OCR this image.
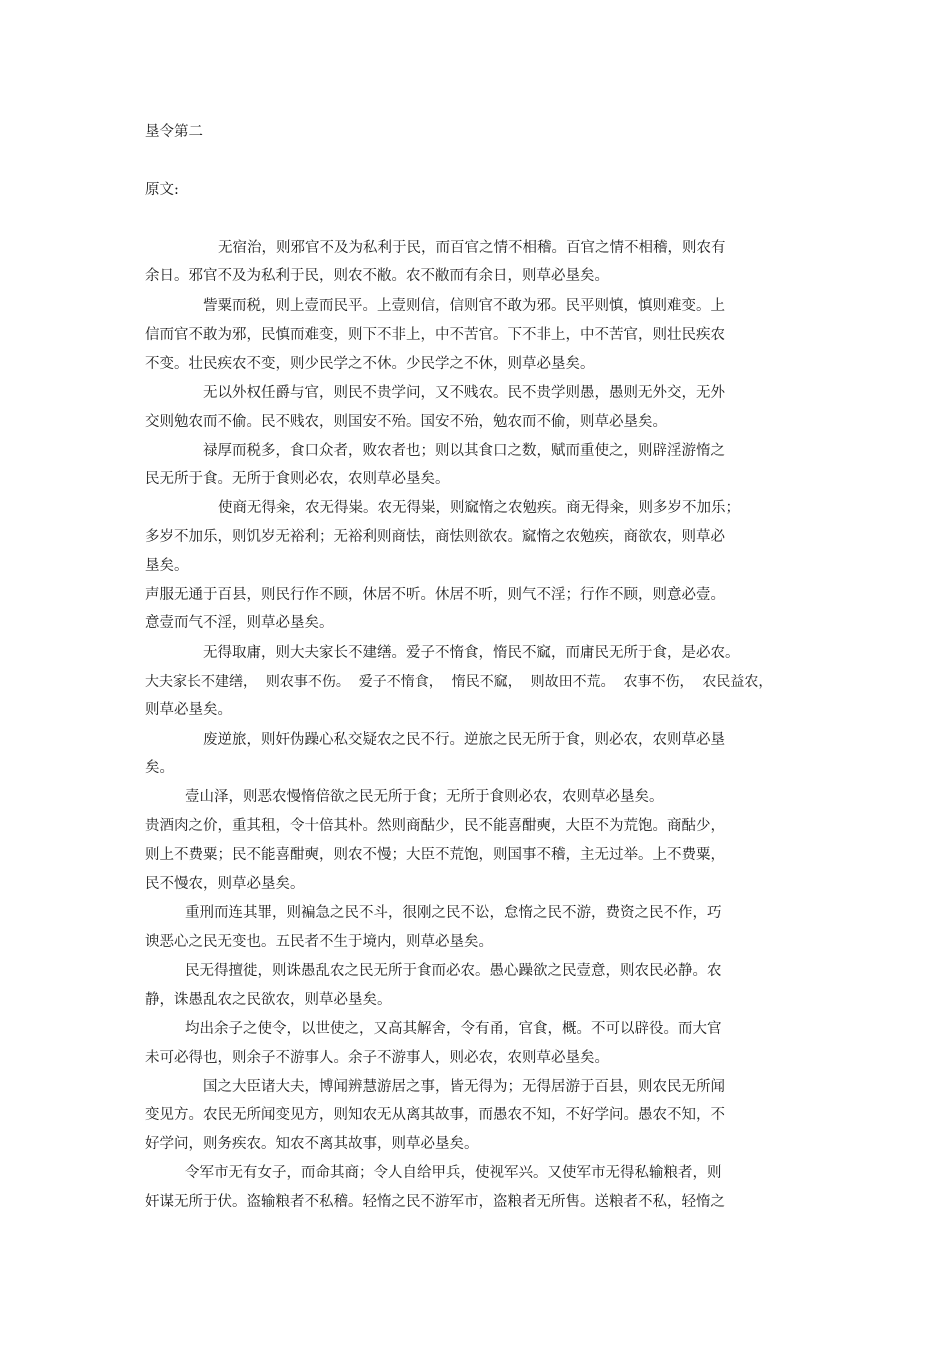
垦令第二
原文:
无宿治，则邪官不及为私利于民，而百官之情不相稽。百官之情不相稽，则农有
余日。邪官不及为私利于民，则农不敝。农不敝而有余日，则草必垦矣。
訾粟而税，则上壹而民平。上壹则信，信则官不敢为邪。民平则慎，慎则难变。上
信而官不敢为邪，民慎而难变，则下不非上，中不苦官。下不非上，中不苦官，则壮民疾农
不变。壮民疾农不变，则少民学之不休。少民学之不休，则草必垦矣。
无以外权任爵与官，则民不贵学问，又不贱农。民不贵学则愚，愚则无外交，无外
交则勉农而不偷。民不贱农，则国安不殆。国安不殆，勉农而不偷，则草必垦矣。
禄厚而税多，食口众者，败农者也；则以其食口之数，赋而重使之，则辟淫游惰之
民无所于食。无所于食则必农，农则草必垦矣。
使商无得籴，农无得粜。农无得粜，则窳惰之农勉疾。商无得籴，则多岁不加乐；
多岁不加乐，则饥岁无裕利；无裕利则商怯，商怯则欲农。窳惰之农勉疾，商欲农，则草必
垦矣。
声服无通于百县，则民行作不顾，休居不听。休居不听，则气不淫；行作不顾，则意必壹。
意壹而气不淫，则草必垦矣。
无得取庸，则大夫家长不建缮。爱子不惰食，惰民不窳，而庸民无所于食，是必农。
大夫家长不建缮，  则农事不伤。  爱子不惰食，  惰民不窳，  则故田不荒。  农事不伤，  农民益农，
则草必垦矣。
废逆旅，则奸伪躁心私交疑农之民不行。逆旅之民无所于食，则必农，农则草必垦
矣。
壹山泽，则恶农慢惰倍欲之民无所于食；无所于食则必农，农则草必垦矣。
贵酒肉之价，重其租，令十倍其朴。然则商酤少，民不能喜酣奭，大臣不为荒饱。商酤少，
则上不费粟；民不能喜酣奭，则农不慢；大臣不荒饱，则国事不稽，主无过举。上不费粟，
民不慢农，则草必垦矣。
重刑而连其罪，则褊急之民不斗，很刚之民不讼，怠惰之民不游，费资之民不作，巧
谀恶心之民无变也。五民者不生于境内，则草必垦矣。
民无得擅徙，则诛愚乱农之民无所于食而必农。愚心躁欲之民壹意，则农民必静。农
静，诛愚乱农之民欲农，则草必垦矣。
均出余子之使令，以世使之，又高其解舍，令有甬，官食，概。不可以辟役。而大官
未可必得也，则余子不游事人。余子不游事人，则必农，农则草必垦矣。
国之大臣诸大夫，博闻辨慧游居之事，皆无得为；无得居游于百县，则农民无所闻
变见方。农民无所闻变见方，则知农无从离其故事，而愚农不知，不好学问。愚农不知，不
好学问，则务疾农。知农不离其故事，则草必垦矣。
令军市无有女子，而命其商；令人自给甲兵，使视军兴。又使军市无得私输粮者，则
奸谋无所于伏。盗输粮者不私稽。轻惰之民不游军市，盗粮者无所售。送粮者不私，轻惰之
